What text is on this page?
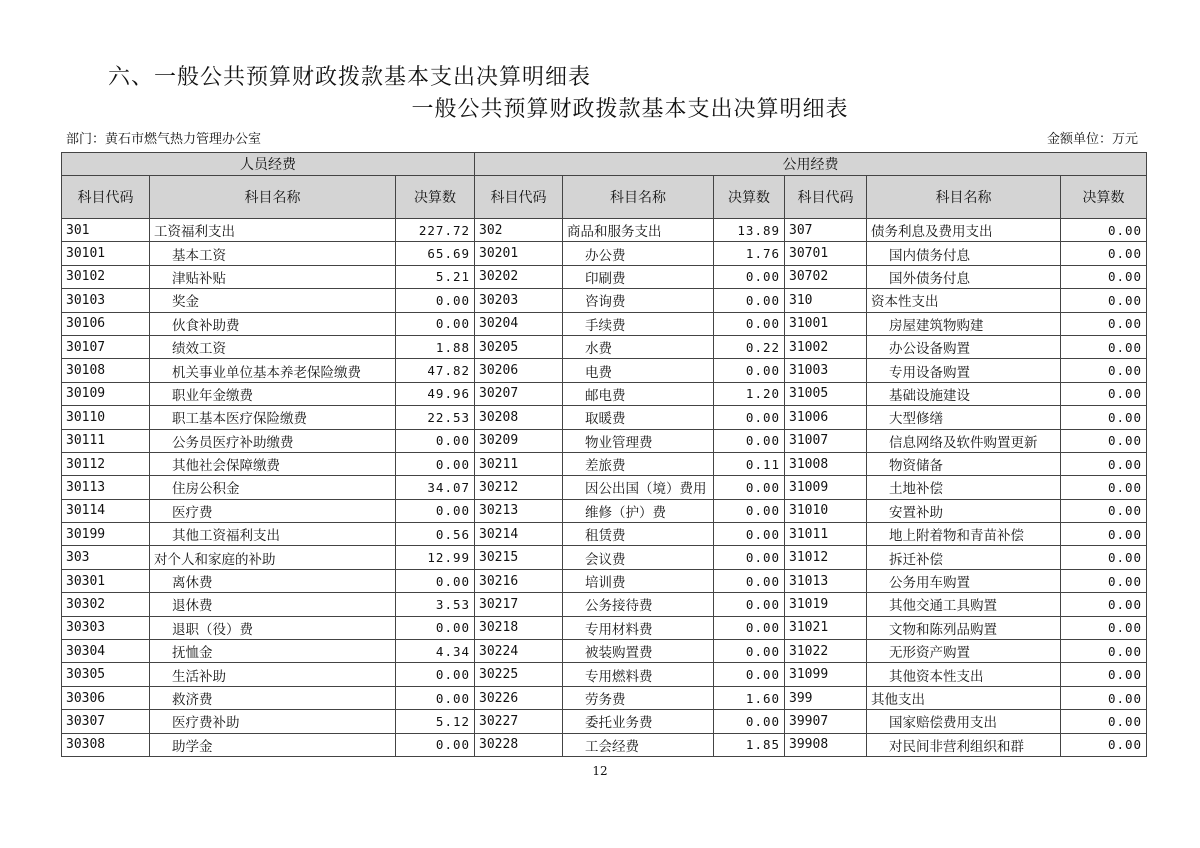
六、一般公共预算财政拨款基本支出决算明细表
一般公共预算财政拨款基本支出决算明细表
部门：黄石市燃气热力管理办公室	金额单位：万元
人员经费			公用经费					
科目代码	科目名称	决算数	科目代码	科目名称	决算数	科目代码	科目名称	决算数
301	工资福利支出	227.72	302	商品和服务支出	13.89	307	债务利息及费用支出	0.00
30101	基本工资	65.69	30201	办公费	1.76	30701	国内债务付息	0.00
30102	津贴补贴	5.21	30202	印刷费	0.00	30702	国外债务付息	0.00
30103	奖金	0.00	30203	咨询费	0.00	310	资本性支出	0.00
30106	伙食补助费	0.00	30204	手续费	0.00	31001	房屋建筑物购建	0.00
30107	绩效工资	1.88	30205	水费	0.22	31002	办公设备购置	0.00
30108	机关事业单位基本养老保险缴费	47.82	30206	电费	0.00	31003	专用设备购置	0.00
30109	职业年金缴费	49.96	30207	邮电费	1.20	31005	基础设施建设	0.00
30110	职工基本医疗保险缴费	22.53	30208	取暖费	0.00	31006	大型修缮	0.00
30111	公务员医疗补助缴费	0.00	30209	物业管理费	0.00	31007	信息网络及软件购置更新	0.00
30112	其他社会保障缴费	0.00	30211	差旅费	0.11	31008	物资储备	0.00
30113	住房公积金	34.07	30212	因公出国（境）费用	0.00	31009	土地补偿	0.00
30114	医疗费	0.00	30213	维修（护）费	0.00	31010	安置补助	0.00
30199	其他工资福利支出	0.56	30214	租赁费	0.00	31011	地上附着物和青苗补偿	0.00
303	对个人和家庭的补助	12.99	30215	会议费	0.00	31012	拆迁补偿	0.00
30301	离休费	0.00	30216	培训费	0.00	31013	公务用车购置	0.00
30302	退休费	3.53	30217	公务接待费	0.00	31019	其他交通工具购置	0.00
30303	退职（役）费	0.00	30218	专用材料费	0.00	31021	文物和陈列品购置	0.00
30304	抚恤金	4.34	30224	被装购置费	0.00	31022	无形资产购置	0.00
30305	生活补助	0.00	30225	专用燃料费	0.00	31099	其他资本性支出	0.00
30306	救济费	0.00	30226	劳务费	1.60	399	其他支出	0.00
30307	医疗费补助	5.12	30227	委托业务费	0.00	39907	国家赔偿费用支出	0.00
30308	助学金	0.00	30228	工会经费	1.85	39908	对民间非营利组织和群	0.00
12
